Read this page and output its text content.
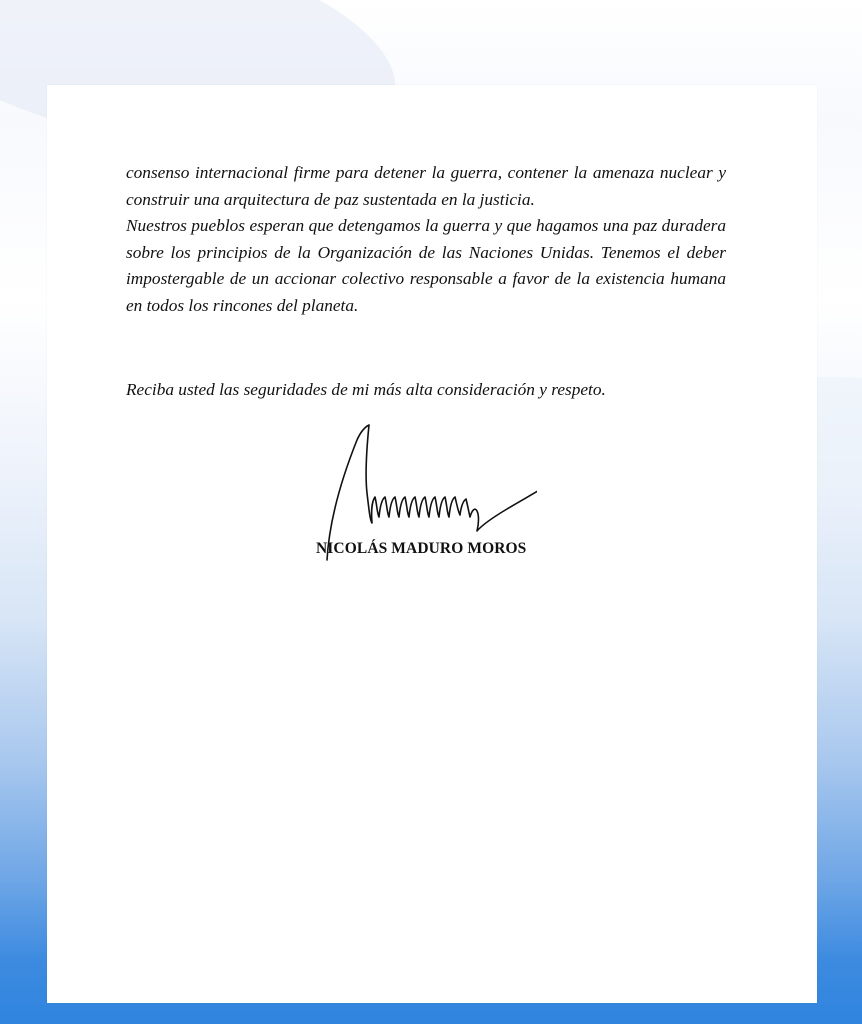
consenso internacional firme para detener la guerra, contener la amenaza nuclear y construir una arquitectura de paz sustentada en la justicia.

Nuestros pueblos esperan que detengamos la guerra y que hagamos una paz duradera sobre los principios de la Organización de las Naciones Unidas. Tenemos el deber impostergable de un accionar colectivo responsable a favor de la existencia humana en todos los rincones del planeta.

Reciba usted las seguridades de mi más alta consideración y respeto.
NICOLÁS MADURO MOROS
